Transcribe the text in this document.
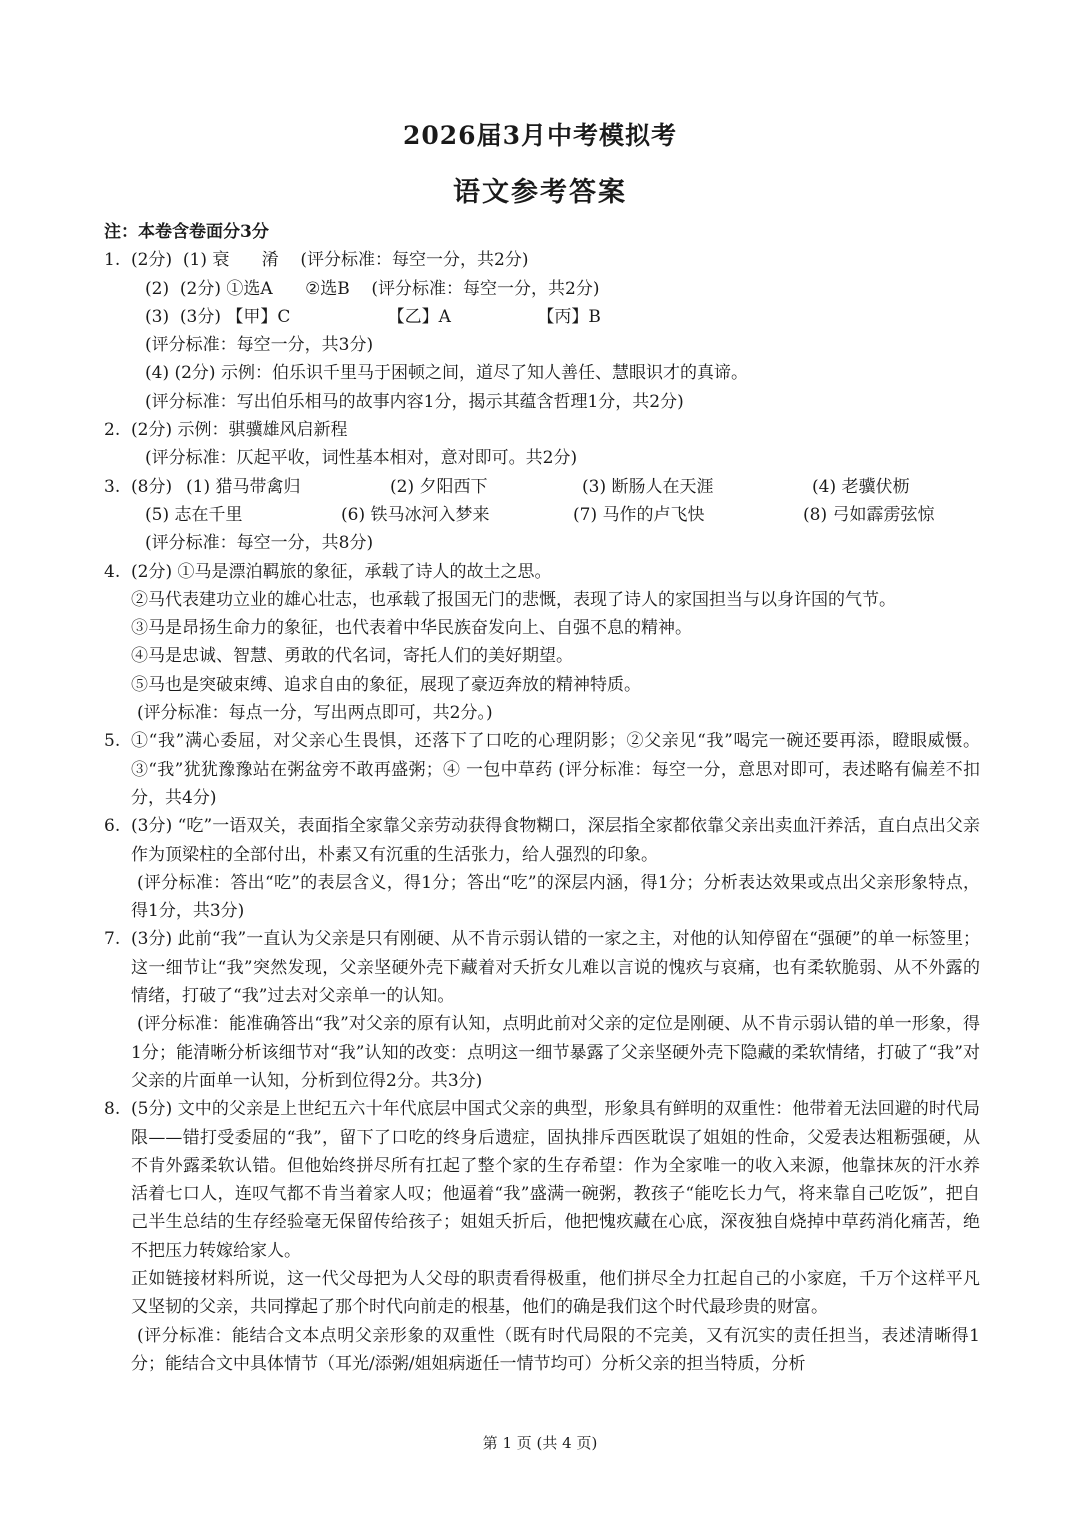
2026届3月中考模拟考
语文参考答案
注：本卷含卷面分3分
1. (2分)  (1) 衰      淆    (评分标准：每空一分，共2分)
(2)  (2分) ①选A      ②选B    (评分标准：每空一分，共2分)
(3)  (3分) 【甲】C                  【乙】A                【丙】B
(评分标准：每空一分，共3分)
(4) (2分) 示例：伯乐识千里马于困顿之间，道尽了知人善任、慧眼识才的真谛。
(评分标准：写出伯乐相马的故事内容1分，揭示其蕴含哲理1分，共2分)
2. (2分) 示例：骐骥雄风启新程
(评分标准：仄起平收，词性基本相对，意对即可。共2分)
3. (8分) (1) 猎马带禽归	(2) 夕阳西下	(3) 断肠人在天涯	(4) 老骥伏枥
(5) 志在千里	(6) 铁马冰河入梦来	(7) 马作的卢飞快	(8) 弓如霹雳弦惊
(评分标准：每空一分，共8分)
4. (2分) ①马是漂泊羁旅的象征，承载了诗人的故土之思。
②马代表建功立业的雄心壮志，也承载了报国无门的悲慨，表现了诗人的家国担当与以身许国的气节。
③马是昂扬生命力的象征，也代表着中华民族奋发向上、自强不息的精神。
④马是忠诚、智慧、勇敢的代名词，寄托人们的美好期望。
⑤马也是突破束缚、追求自由的象征，展现了豪迈奔放的精神特质。
(评分标准：每点一分，写出两点即可，共2分。)
5. ①“我”满心委屈，对父亲心生畏惧，还落下了口吃的心理阴影；②父亲见“我”喝完一碗还要再添，瞪眼威慑。③“我”犹犹豫豫站在粥盆旁不敢再盛粥；④ 一包中草药 (评分标准：每空一分，意思对即可，表述略有偏差不扣分，共4分)
6. (3分) “吃”一语双关，表面指全家靠父亲劳动获得食物糊口，深层指全家都依靠父亲出卖血汗养活，直白点出父亲作为顶梁柱的全部付出，朴素又有沉重的生活张力，给人强烈的印象。
(评分标准：答出“吃”的表层含义，得1分；答出“吃”的深层内涵，得1分；分析表达效果或点出父亲形象特点，得1分，共3分)
7. (3分) 此前“我”一直认为父亲是只有刚硬、从不肯示弱认错的一家之主，对他的认知停留在“强硬”的单一标签里；这一细节让“我”突然发现，父亲坚硬外壳下藏着对夭折女儿难以言说的愧疚与哀痛，也有柔软脆弱、从不外露的情绪，打破了“我”过去对父亲单一的认知。
(评分标准：能准确答出“我”对父亲的原有认知，点明此前对父亲的定位是刚硬、从不肯示弱认错的单一形象，得1分；能清晰分析该细节对“我”认知的改变：点明这一细节暴露了父亲坚硬外壳下隐藏的柔软情绪，打破了“我”对父亲的片面单一认知，分析到位得2分。共3分)
8. (5分) 文中的父亲是上世纪五六十年代底层中国式父亲的典型，形象具有鲜明的双重性：他带着无法回避的时代局限——错打受委屈的“我”，留下了口吃的终身后遗症，固执排斥西医耽误了姐姐的性命，父爱表达粗粝强硬，从不肯外露柔软认错。但他始终拼尽所有扛起了整个家的生存希望：作为全家唯一的收入来源，他靠抹灰的汗水养活着七口人，连叹气都不肯当着家人叹；他逼着“我”盛满一碗粥，教孩子“能吃长力气，将来靠自己吃饭”，把自己半生总结的生存经验毫无保留传给孩子；姐姐夭折后，他把愧疚藏在心底，深夜独自烧掉中草药消化痛苦，绝不把压力转嫁给家人。
正如链接材料所说，这一代父母把为人父母的职责看得极重，他们拼尽全力扛起自己的小家庭，千万个这样平凡又坚韧的父亲，共同撑起了那个时代向前走的根基，他们的确是我们这个时代最珍贵的财富。
(评分标准：能结合文本点明父亲形象的双重性（既有时代局限的不完美，又有沉实的责任担当，表述清晰得1分；能结合文中具体情节（耳光/添粥/姐姐病逝任一情节均可）分析父亲的担当特质，分析
第 1 页 (共 4 页)
